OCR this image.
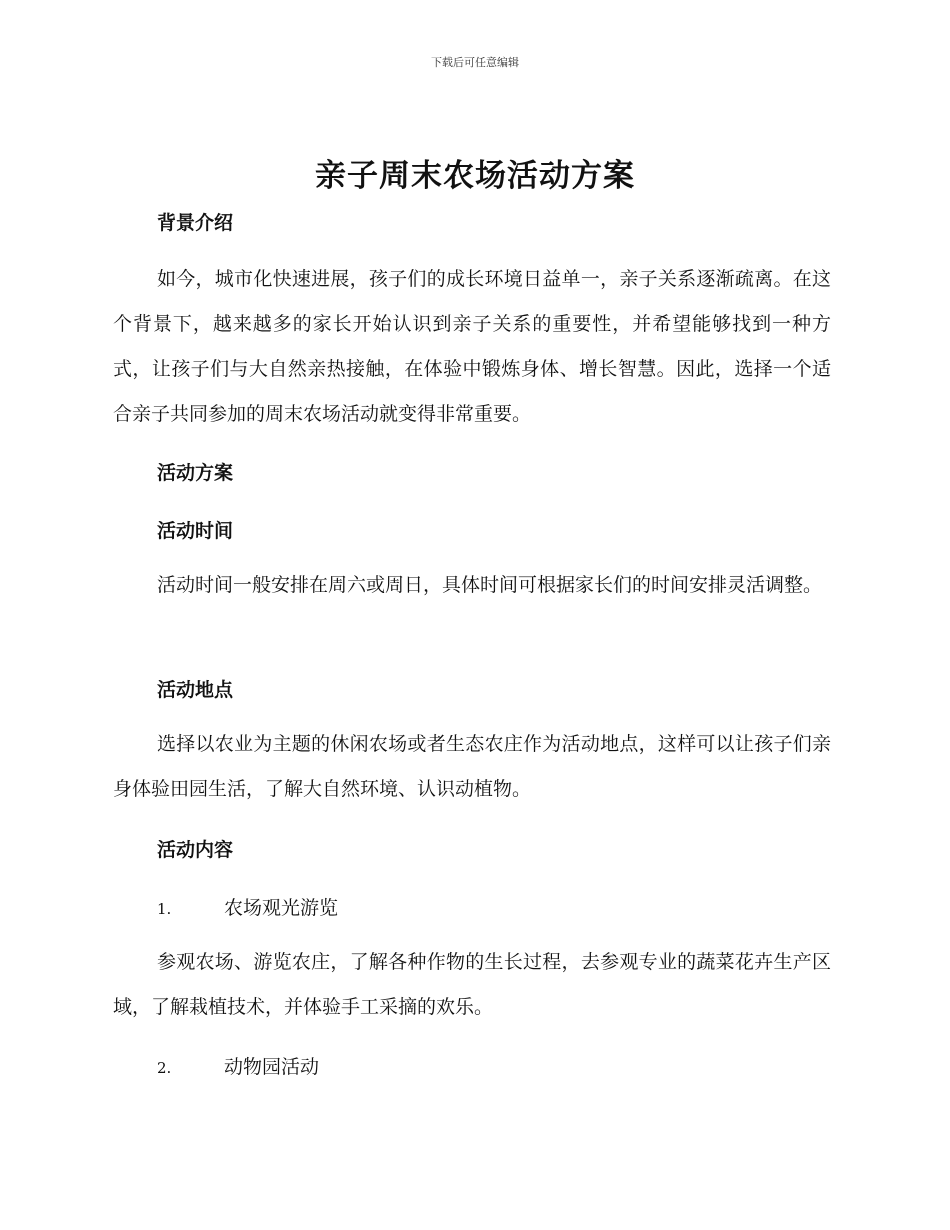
下载后可任意编辑
亲子周末农场活动方案
背景介绍

如今，城市化快速进展，孩子们的成长环境日益单一，亲子关系逐渐疏离。在这个背景下，越来越多的家长开始认识到亲子关系的重要性，并希望能够找到一种方式，让孩子们与大自然亲热接触，在体验中锻炼身体、增长智慧。因此，选择一个适合亲子共同参加的周末农场活动就变得非常重要。

活动方案
活动时间

活动时间一般安排在周六或周日，具体时间可根据家长们的时间安排灵活调整。

活动地点

选择以农业为主题的休闲农场或者生态农庄作为活动地点，这样可以让孩子们亲身体验田园生活，了解大自然环境、认识动植物。

活动内容
1.	农场观光游览

参观农场、游览农庄，了解各种作物的生长过程，去参观专业的蔬菜花卉生产区域，了解栽植技术，并体验手工采摘的欢乐。

2.	动物园活动
